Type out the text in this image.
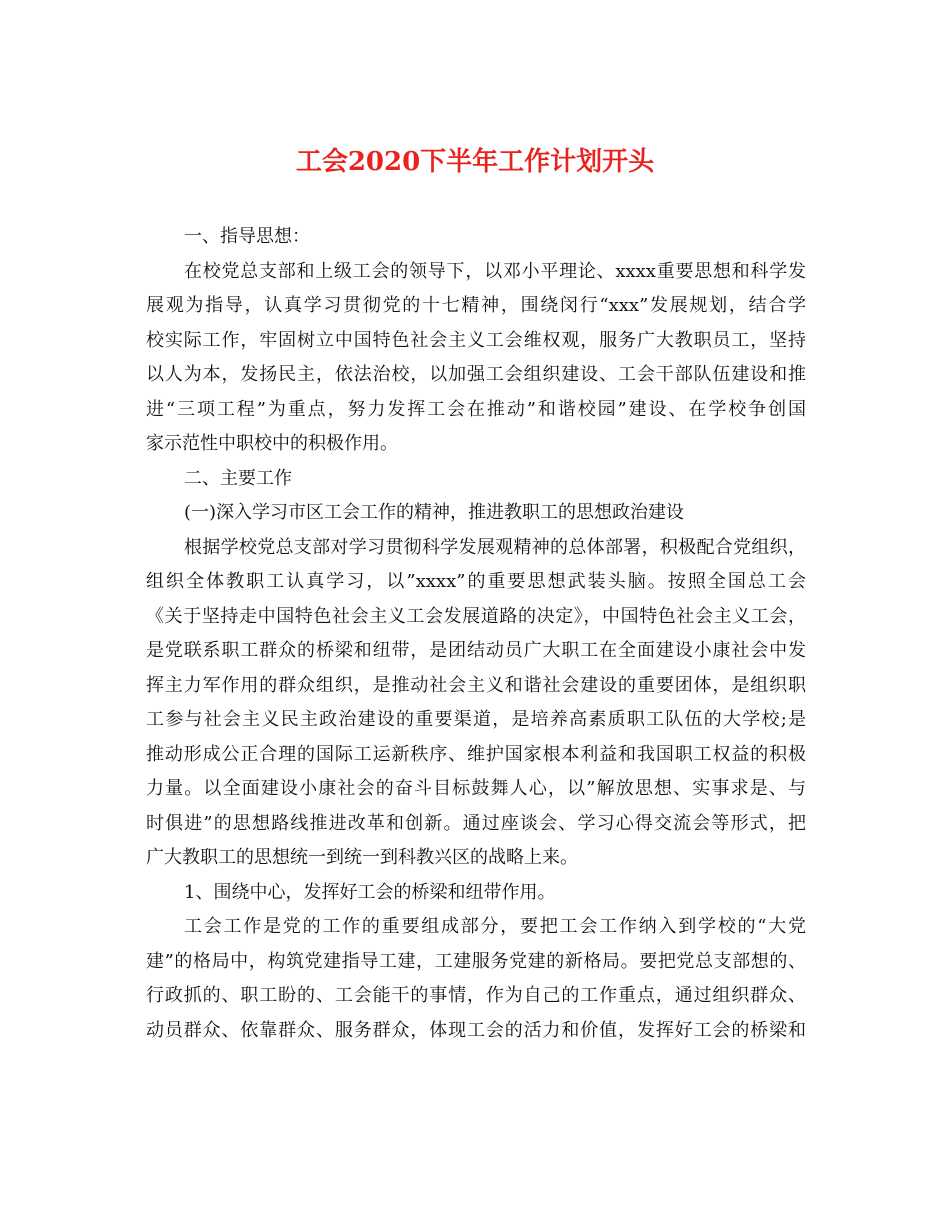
工会2020下半年工作计划开头
一、指导思想：
在校党总支部和上级工会的领导下，以邓小平理论、xxxx重要思想和科学发
展观为指导，认真学习贯彻党的十七精神，围绕闵行“xxx”发展规划，结合学
校实际工作，牢固树立中国特色社会主义工会维权观，服务广大教职员工，坚持
以人为本，发扬民主，依法治校，以加强工会组织建设、工会干部队伍建设和推
进“三项工程”为重点，努力发挥工会在推动”和谐校园”建设、在学校争创国
家示范性中职校中的积极作用。
二、主要工作
(一)深入学习市区工会工作的精神，推进教职工的思想政治建设
根据学校党总支部对学习贯彻科学发展观精神的总体部署，积极配合党组织，
组织全体教职工认真学习，以”xxxx”的重要思想武装头脑。按照全国总工会
《关于坚持走中国特色社会主义工会发展道路的决定》，中国特色社会主义工会，
是党联系职工群众的桥梁和纽带，是团结动员广大职工在全面建设小康社会中发
挥主力军作用的群众组织，是推动社会主义和谐社会建设的重要团体，是组织职
工参与社会主义民主政治建设的重要渠道，是培养高素质职工队伍的大学校;是
推动形成公正合理的国际工运新秩序、维护国家根本利益和我国职工权益的积极
力量。以全面建设小康社会的奋斗目标鼓舞人心，以”解放思想、实事求是、与
时俱进”的思想路线推进改革和创新。通过座谈会、学习心得交流会等形式，把
广大教职工的思想统一到统一到科教兴区的战略上来。
1、围绕中心，发挥好工会的桥梁和纽带作用。
工会工作是党的工作的重要组成部分，要把工会工作纳入到学校的“大党
建”的格局中，构筑党建指导工建，工建服务党建的新格局。要把党总支部想的、
行政抓的、职工盼的、工会能干的事情，作为自己的工作重点，通过组织群众、
动员群众、依靠群众、服务群众，体现工会的活力和价值，发挥好工会的桥梁和
